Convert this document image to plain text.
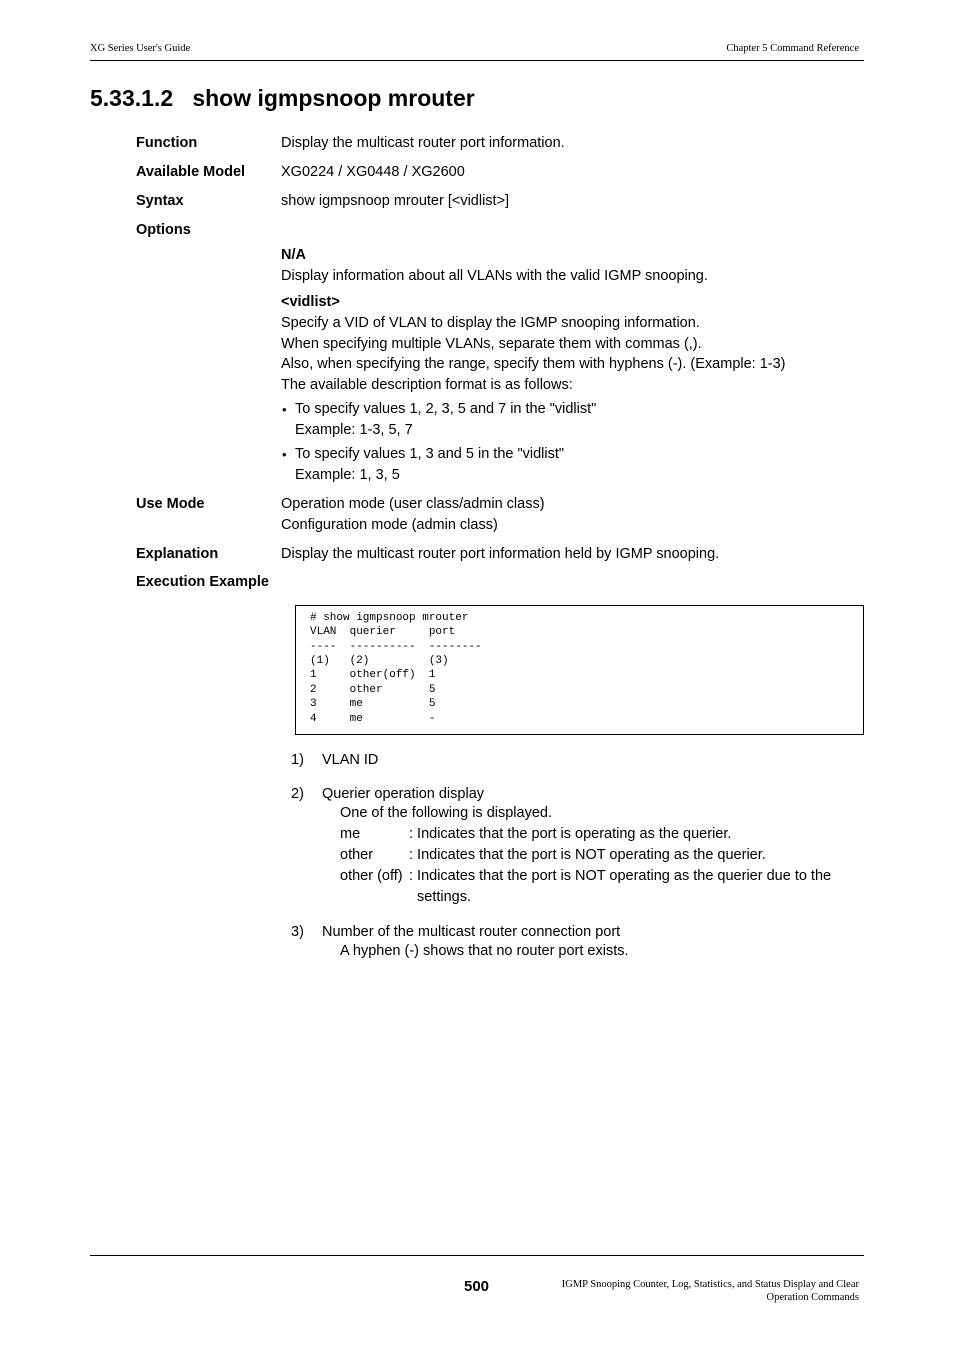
XG Series User's Guide	Chapter 5 Command Reference
5.33.1.2 show igmpsnoop mrouter
Function	Display the multicast router port information.
Available Model XG0224 / XG0448 / XG2600
Syntax	show igmpsnoop mrouter [<vidlist>]
Options
N/A
Display information about all VLANs with the valid IGMP snooping.
<vidlist>
Specify a VID of VLAN to display the IGMP snooping information.
When specifying multiple VLANs, separate them with commas (,).
Also, when specifying the range, specify them with hyphens (-). (Example: 1-3)
The available description format is as follows:
• To specify values 1, 2, 3, 5 and 7 in the "vidlist"
Example: 1-3, 5, 7
• To specify values 1, 3 and 5 in the "vidlist"
Example: 1, 3, 5
Use Mode	Operation mode (user class/admin class)
Configuration mode (admin class)
Explanation	Display the multicast router port information held by IGMP snooping.
Execution Example
# show igmpsnoop mrouter
VLAN  querier     port
----  ----------  --------
(1)   (2)         (3)
1     other(off)  1
2     other       5
3     me          5
4     me          -
1) VLAN ID
2) Querier operation display
One of the following is displayed.
me	: Indicates that the port is operating as the querier.
other : Indicates that the port is NOT operating as the querier.
other (off) : Indicates that the port is NOT operating as the querier due to the
settings.
3) Number of the multicast router connection port
A hyphen (-) shows that no router port exists.
500	IGMP Snooping Counter, Log, Statistics, and Status Display and Clear
Operation Commands
